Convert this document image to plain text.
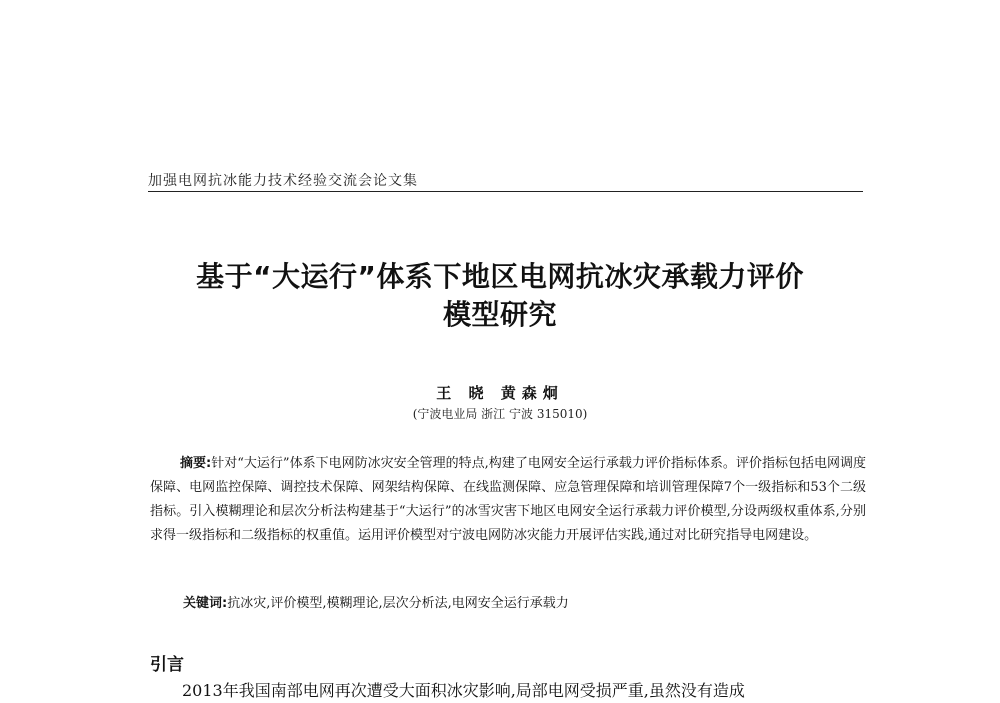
加强电网抗冰能力技术经验交流会论文集
基于“大运行”体系下地区电网抗冰灾承载力评价
模型研究
王 晓 黄森炯
(宁波电业局 浙江 宁波 315010)
摘要:针对“大运行”体系下电网防冰灾安全管理的特点,构建了电网安全运行承载力评价指标体系。评价指标包括电网调度保障、电网监控保障、调控技术保障、网架结构保障、在线监测保障、应急管理保障和培训管理保障7个一级指标和53个二级指标。引入模糊理论和层次分析法构建基于“大运行”的冰雪灾害下地区电网安全运行承载力评价模型,分设两级权重体系,分别求得一级指标和二级指标的权重值。运用评价模型对宁波电网防冰灾能力开展评估实践,通过对比研究指导电网建设。
关键词:抗冰灾,评价模型,模糊理论,层次分析法,电网安全运行承载力
引言
2013年我国南部电网再次遭受大面积冰灾影响,局部电网受损严重,虽然没有造成
